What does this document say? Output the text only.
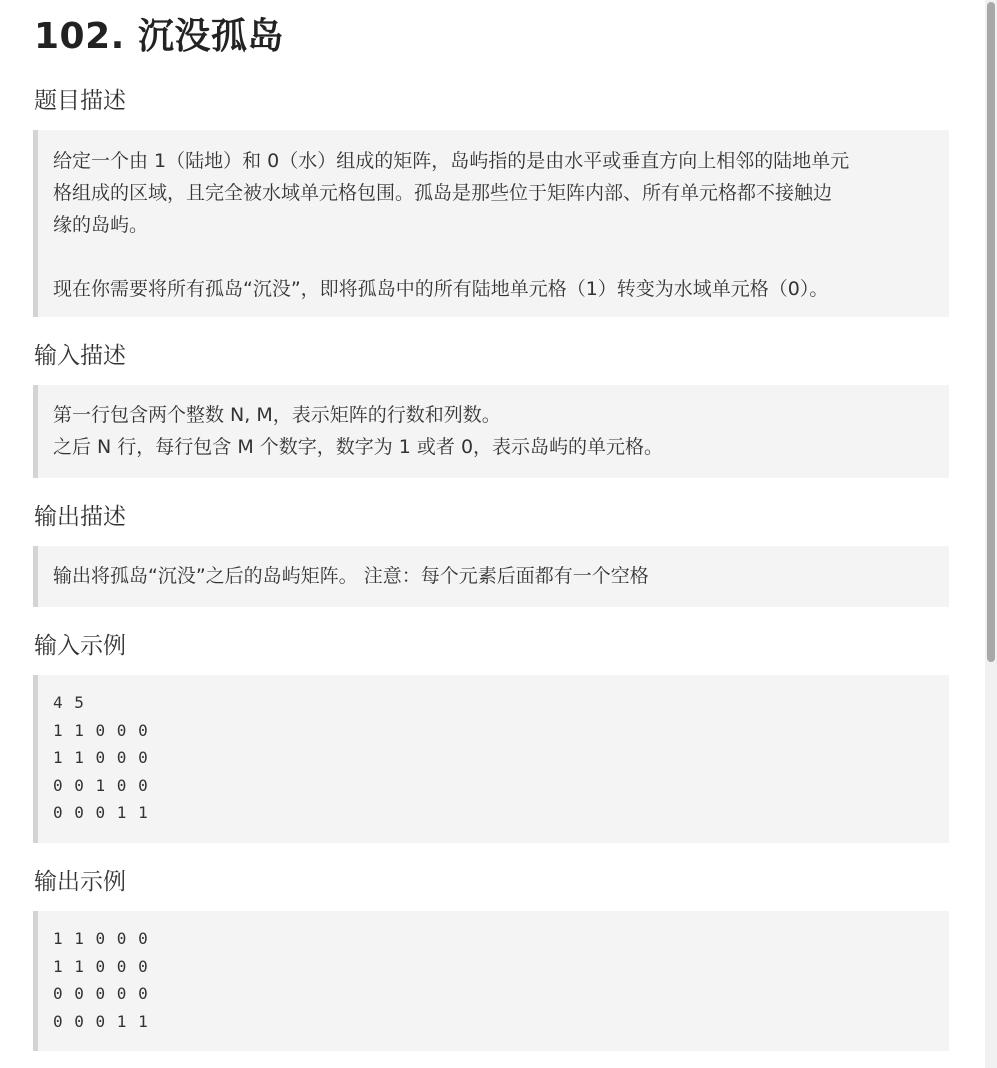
102. 沉没孤岛
题目描述

给定一个由 1（陆地）和 0（水）组成的矩阵，岛屿指的是由水平或垂直方向上相邻的陆地单元

格组成的区域，且完全被水域单元格包围。孤岛是那些位于矩阵内部、所有单元格都不接触边

缘的岛屿。

现在你需要将所有孤岛“沉没”，即将孤岛中的所有陆地单元格（1）转变为水域单元格（0）。

输入描述

第一行包含两个整数 N, M，表示矩阵的行数和列数。

之后 N 行，每行包含 M 个数字，数字为 1 或者 0，表示岛屿的单元格。

输出描述

输出将孤岛“沉没”之后的岛屿矩阵。 注意：每个元素后面都有一个空格

输入示例
4 5
1 1 0 0 0
1 1 0 0 0
0 0 1 0 0
0 0 0 1 1
输出示例
1 1 0 0 0
1 1 0 0 0
0 0 0 0 0
0 0 0 1 1
